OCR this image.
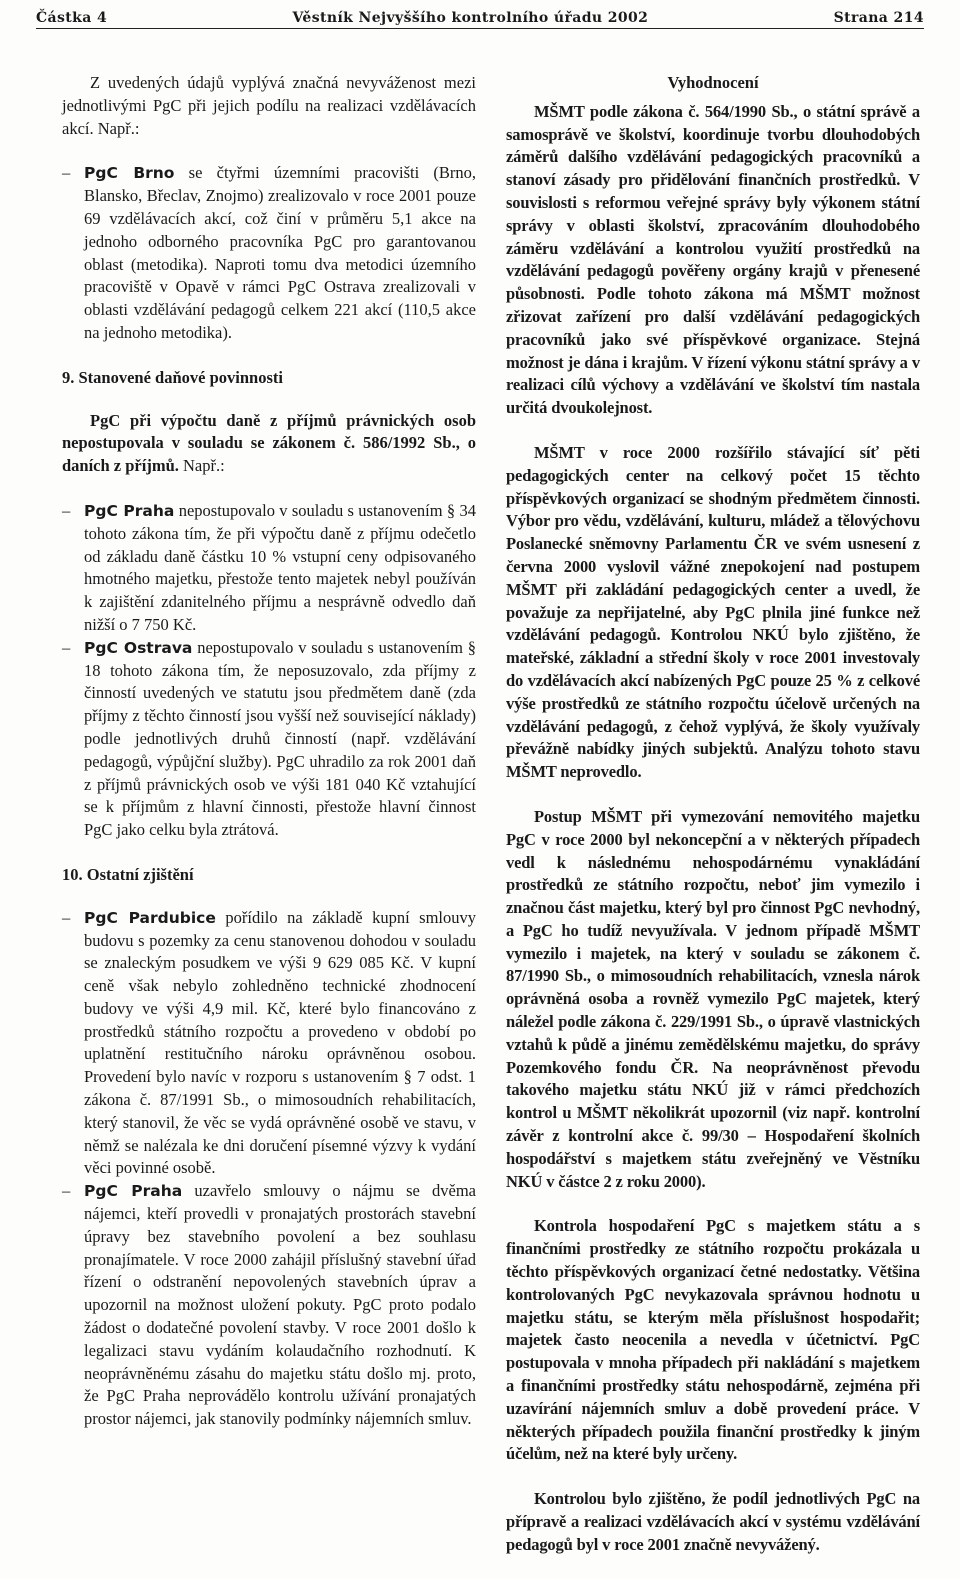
Částka 4	Věstník Nejvyššího kontrolního úřadu 2002	Strana 214

Z uvedených údajů vyplývá značná nevyváženost mezi jednotlivými PgC při jejich podílu na realizaci vzdělávacích akcí. Např.:

– PgC Brno se čtyřmi územními pracovišti (Brno, Blansko, Břeclav, Znojmo) zrealizovalo v roce 2001 pouze 69 vzdělávacích akcí, což činí v průměru 5,1 akce na jednoho odborného pracovníka PgC pro garantovanou oblast (metodika). Naproti tomu dva metodici územního pracoviště v Opavě v rámci PgC Ostrava zrealizovali v oblasti vzdělávání pedagogů celkem 221 akcí (110,5 akce na jednoho metodika).
9. Stanovené daňové povinnosti

PgC při výpočtu daně z příjmů právnických osob nepostupovala v souladu se zákonem č. 586/1992 Sb., o daních z příjmů. Např.:

– PgC Praha nepostupovalo v souladu s ustanovením § 34 tohoto zákona tím, že při výpočtu daně z příjmu odečetlo od základu daně částku 10 % vstupní ceny odpisovaného hmotného majetku, přestože tento majetek nebyl používán k zajištění zdanitelného příjmu a nesprávně odvedlo daň nižší o 7 750 Kč.
– PgC Ostrava nepostupovalo v souladu s ustanovením § 18 tohoto zákona tím, že neposuzovalo, zda příjmy z činností uvedených ve statutu jsou předmětem daně (zda příjmy z těchto činností jsou vyšší než související náklady) podle jednotlivých druhů činností (např. vzdělávání pedagogů, výpůjční služby). PgC uhradilo za rok 2001 daň z příjmů právnických osob ve výši 181 040 Kč vztahující se k příjmům z hlavní činnosti, přestože hlavní činnost PgC jako celku byla ztrátová.
10. Ostatní zjištění
– PgC Pardubice pořídilo na základě kupní smlouvy budovu s pozemky za cenu stanovenou dohodou v souladu se znaleckým posudkem ve výši 9 629 085 Kč. V kupní ceně však nebylo zohledněno technické zhodnocení budovy ve výši 4,9 mil. Kč, které bylo financováno z prostředků státního rozpočtu a provedeno v období po uplatnění restitučního nároku oprávněnou osobou. Provedení bylo navíc v rozporu s ustanovením § 7 odst. 1 zákona č. 87/1991 Sb., o mimosoudních rehabilitacích, který stanovil, že věc se vydá oprávněné osobě ve stavu, v němž se nalézala ke dni doručení písemné výzvy k vydání věci povinné osobě.
– PgC Praha uzavřelo smlouvy o nájmu se dvěma nájemci, kteří provedli v pronajatých prostorách stavební úpravy bez stavebního povolení a bez souhlasu pronajímatele. V roce 2000 zahájil příslušný stavební úřad řízení o odstranění nepovolených stavebních úprav a upozornil na možnost uložení pokuty. PgC proto podalo žádost o dodatečné povolení stavby. V roce 2001 došlo k legalizaci stavu vydáním kolaudačního rozhodnutí. K neoprávněnému zásahu do majetku státu došlo mj. proto, že PgC Praha neprovádělo kontrolu užívání pronajatých prostor nájemci, jak stanovily podmínky nájemních smluv.
Vyhodnocení

MŠMT podle zákona č. 564/1990 Sb., o státní správě a samosprávě ve školství, koordinuje tvorbu dlouhodobých záměrů dalšího vzdělávání pedagogických pracovníků a stanoví zásady pro přidělování finančních prostředků. V souvislosti s reformou veřejné správy byly výkonem státní správy v oblasti školství, zpracováním dlouhodobého záměru vzdělávání a kontrolou využití prostředků na vzdělávání pedagogů pověřeny orgány krajů v přenesené působnosti. Podle tohoto zákona má MŠMT možnost zřizovat zařízení pro další vzdělávání pedagogických pracovníků jako své příspěvkové organizace. Stejná možnost je dána i krajům. V řízení výkonu státní správy a v realizaci cílů výchovy a vzdělávání ve školství tím nastala určitá dvoukolejnost.

MŠMT v roce 2000 rozšířilo stávající síť pěti pedagogických center na celkový počet 15 těchto příspěvkových organizací se shodným předmětem činnosti. Výbor pro vědu, vzdělávání, kulturu, mládež a tělovýchovu Poslanecké sněmovny Parlamentu ČR ve svém usnesení z června 2000 vyslovil vážné znepokojení nad postupem MŠMT při zakládání pedagogických center a uvedl, že považuje za nepřijatelné, aby PgC plnila jiné funkce než vzdělávání pedagogů. Kontrolou NKÚ bylo zjištěno, že mateřské, základní a střední školy v roce 2001 investovaly do vzdělávacích akcí nabízených PgC pouze 25 % z celkové výše prostředků ze státního rozpočtu účelově určených na vzdělávání pedagogů, z čehož vyplývá, že školy využívaly převážně nabídky jiných subjektů. Analýzu tohoto stavu MŠMT neprovedlo.

Postup MŠMT při vymezování nemovitého majetku PgC v roce 2000 byl nekoncepční a v některých případech vedl k následnému nehospodárnému vynakládání prostředků ze státního rozpočtu, neboť jim vymezilo i značnou část majetku, který byl pro činnost PgC nevhodný, a PgC ho tudíž nevyužívala. V jednom případě MŠMT vymezilo i majetek, na který v souladu se zákonem č. 87/1990 Sb., o mimosoudních rehabilitacích, vznesla nárok oprávněná osoba a rovněž vymezilo PgC majetek, který náležel podle zákona č. 229/1991 Sb., o úpravě vlastnických vztahů k půdě a jinému zemědělskému majetku, do správy Pozemkového fondu ČR. Na neoprávněnost převodu takového majetku státu NKÚ již v rámci předchozích kontrol u MŠMT několikrát upozornil (viz např. kontrolní závěr z kontrolní akce č. 99/30 – Hospodaření školních hospodářství s majetkem státu zveřejněný ve Věstníku NKÚ v částce 2 z roku 2000).

Kontrola hospodaření PgC s majetkem státu a s finančními prostředky ze státního rozpočtu prokázala u těchto příspěvkových organizací četné nedostatky. Většina kontrolovaných PgC nevykazovala správnou hodnotu u majetku státu, se kterým měla příslušnost hospodařit; majetek často neocenila a nevedla v účetnictví. PgC postupovala v mnoha případech při nakládání s majetkem a finančními prostředky státu nehospodárně, zejména při uzavírání nájemních smluv a době provedení práce. V některých případech použila finanční prostředky k jiným účelům, než na které byly určeny.

Kontrolou bylo zjištěno, že podíl jednotlivých PgC na přípravě a realizaci vzdělávacích akcí v systému vzdělávání pedagogů byl v roce 2001 značně nevyvážený.
